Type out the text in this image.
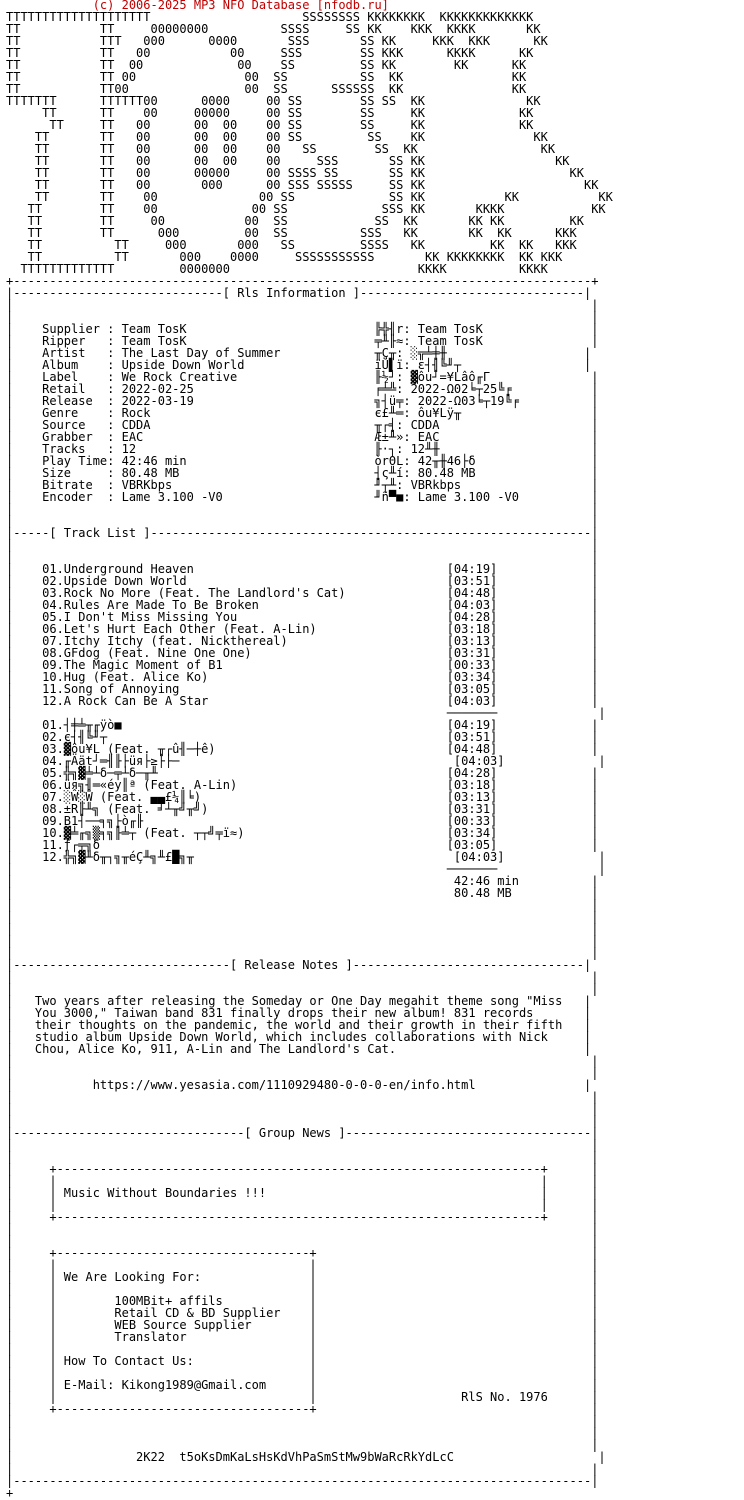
(c) 2006-2025 MP3 NFO Database [nfodb.ru]
TTTTTTTTTTTTTTTTTTTT                     SSSSSSSS KKKKKKKK  KKKKKKKKKKKKK
TT           TT     00000000          SSSS     SS KK    KKK  KKKK       KK
TT           TTT   000      0000       SSS       SS KK     KKK  KKK      KK
TT           TT   00           00     SSS        SS KKK      KKKK      KK
TT           TT  00             00    SS         SS KK        KK      KK
TT           TT 00               00  SS          SS  KK               KK
TT           TT00                00  SS      SSSSSS  KK               KK
TTTTTTT      TTTTTT00      0000     00 SS        SS SS  KK              KK
TT      TT    00     00000     00 SS        SS     KK             KK
TT     TT   00      00  00    00 SS        SS     KK             KK
TT       TT   00      00  00    00 SS         SS    KK               KK
TT       TT   00      00  00    00   SS        SS  KK                 KK
TT       TT   00      00  00    00     SSS       SS KK                  KK
TT       TT   00      00000     00 SSSS SS       SS KK                    KK
TT       TT   00       000      00 SSS SSSSS     SS KK                      KK
TT       TT    00              00 SS             SS KK           KK           KK
TT        TT    00             00 SS             SSS KK       KKKK            KK
TT        TT     00           00  SS            SS  KK       KK KK         KK
TT        TT      000         00  SS          SSS   KK       KK  KK      KKK
TT          TT     000       000   SS         SSSS   KK         KK  KK   KKK
TT          TT       000    0000     SSSSSSSSSSS       KK KKKKKKKK  KK KKK
TTTTTTTTTTTTT         0000000                          KKKK          KKKK
+--------------------------------------------------------------------------------+
|-----------------------------[ Rls Information ]-------------------------------|
|                                                                                |
|                                                                                |
|    Supplier : Team TosK                          ╠╬╢r: Team TosK               |
|    Ripper   : Team TosK                          ╤╨╟≈: Team TosK               |
|    Artist   : The Last Day of Summer             ╥Ç╥: ░╦╧╪╫                   |
|    Album    : Upside Down World                  ïÜ▌ï: ε┤╢╚╜┬                 |
|    Label    : We Rock Creative                   ╟½┘: ▓ôu┘=¥Lâô╓Γ              |
|    Retail   : 2022-02-25                         ╒╧╩: 2022-Ω02╘┬25╚╒           |
|    Release  : 2022-03-19                         ╗┤ü╤: 2022-Ω03╘┬19╚╒          |
|    Genre    : Rock                               є£╨═: ôu¥Lÿ╥                  |
|    Source   : CDDA                               ╥┌╡: CDDA                     |
|    Grabber  : EAC                                Æ±╨»: EAC                     |
|    Tracks   : 12                                 ╟·┐: 12╨╫                     |
|    Play Time: 42:46 min                          òrΘL: 42╥╫46├δ                |
|    Size     : 80.48 MB                           ┤ς╨í: 80.48 MB                |
|    Bitrate  : VBRKbps                            ╜┬╨: VBRkbps                  |
|    Encoder  : Lame 3.100 -V0                     ╜ñ▀■: Lame 3.100 -V0          |
|                                                                                |
|                                                                                |
|-----[ Track List ]-------------------------------------------------------------|
|                                                                                |
|                                                                                |
|    01.Underground Heaven                                   [04:19]             |
|    02.Upside Down World                                    [03:51]             |
|    03.Rock No More (Feat. The Landlord's Cat)              [04:48]             |
|    04.Rules Are Made To Be Broken                          [04:03]             |
|    05.I Don't Miss Missing You                             [04:28]             |
|    06.Let's Hurt Each Other (Feat. A-Lin)                  [03:18]             |
|    07.Itchy Itchy (feat. Nickthereal)                      [03:13]             |
|    08.GFdog (Feat. Nine One One)                           [03:31]             |
|    09.The Magic Moment of B1                               [00:33]             |
|    10.Hug (Feat. Alice Ko)                                 [03:34]             |
|    11.Song of Annoying                                     [03:05]             |
|    12.A Rock Can Be A Star                                 [04:03]             |
|                                                            ───────              |
|    01.┤╪╧╥╓ÿò■                                             [04:19]             |
|    02.є┤╢╚╜┬                                               [03:51]             |
|    03.▓ôu¥L (Feat. ╥┌û╢─┼ê)                                [04:48]             |
|    04.╓Äät┘═╢╟├üя├≥├├─                                      [04:03]             |
|    05.╬╗▓╧┴δ─╤┴δ─╥╨                                        [04:28]             |
|    06.üя╗╢═«éу║ª (Feat. A-Lin)                             [03:18]             |
|    07.░Ŵ░Ŵ (Feat. ▄▄£¼║╘)                                  [03:13]             |
|    08.±R╟╨╗ (Feat. ╛┴╥╝╥╝)                                 [03:31]             |
|    09.B1┤──╕╗├ò╓╟                                          [00:33]             |
|    10.▓╧╓╗▒╕╗╟╧┬ (Feat. ┬┬╝╤ï≈)                            [03:34]             |
|    11.ƒ┌╤╗δ                                                [03:05]             |
|    12.╬╗▓╨δ╥┐╗╥éÇ╨╗╨£█╗╥                                    [04:03]             |
|                                                            ───────              |
|                                                             42:46 min          |
|                                                             80.48 MB           |
|                                                                                |
|                                                                                |
|                                                                                |
|                                                                                |
|                                                                                |
|------------------------------[ Release Notes ]--------------------------------|
|                                                                                |
|                                                                                |
|   Two years after releasing the Someday or One Day megahit theme song "Miss   |
|   You 3000," Taiwan band 831 finally drops their new album! 831 records       |
|   their thoughts on the pandemic, the world and their growth in their fifth   |
|   studio album Upside Down World, which includes collaborations with Nick     |
|   Chou, Alice Ko, 911, A-Lin and The Landlord's Cat.                          |
|                                                                                |
|                                                                                |
|           https://www.yesasia.com/1110929480-0-0-0-en/info.html               |
|                                                                                |
|                                                                                |
|                                                                                |
|--------------------------------[ Group News ]----------------------------------|
|                                                                                |
|                                                                                |
|     +-------------------------------------------------------------------+      |
|     |                                                                   |      |
|     | Music Without Boundaries !!!                                      |      |
|     |                                                                   |      |
|     +-------------------------------------------------------------------+      |
|                                                                                |
|                                                                                |
|     +-----------------------------------+                                      |
|     |                                   |                                      |
|     | We Are Looking For:               |                                      |
|     |                                   |                                      |
|     |        100MBit+ affils            |                                      |
|     |        Retail CD & BD Supplier    |                                      |
|     |        WEB Source Supplier        |                                      |
|     |        Translator                 |                                      |
|     |                                   |                                      |
|     | How To Contact Us:                |                                      |
|     |                                   |                                      |
|     | E-Mail: Kikong1989@Gmail.com      |                                      |
|     |                                   |                    RlS No. 1976      |
|     +-----------------------------------+                                      |
|                                                                                |
|                                                                                |
|                                                                                |
|                 2K22  t5oKsDmKaLsHsKdVhPaSmStMw9bWaRcRkYdLcC                    |
|                                                                                |
|--------------------------------------------------------------------------------|
+
